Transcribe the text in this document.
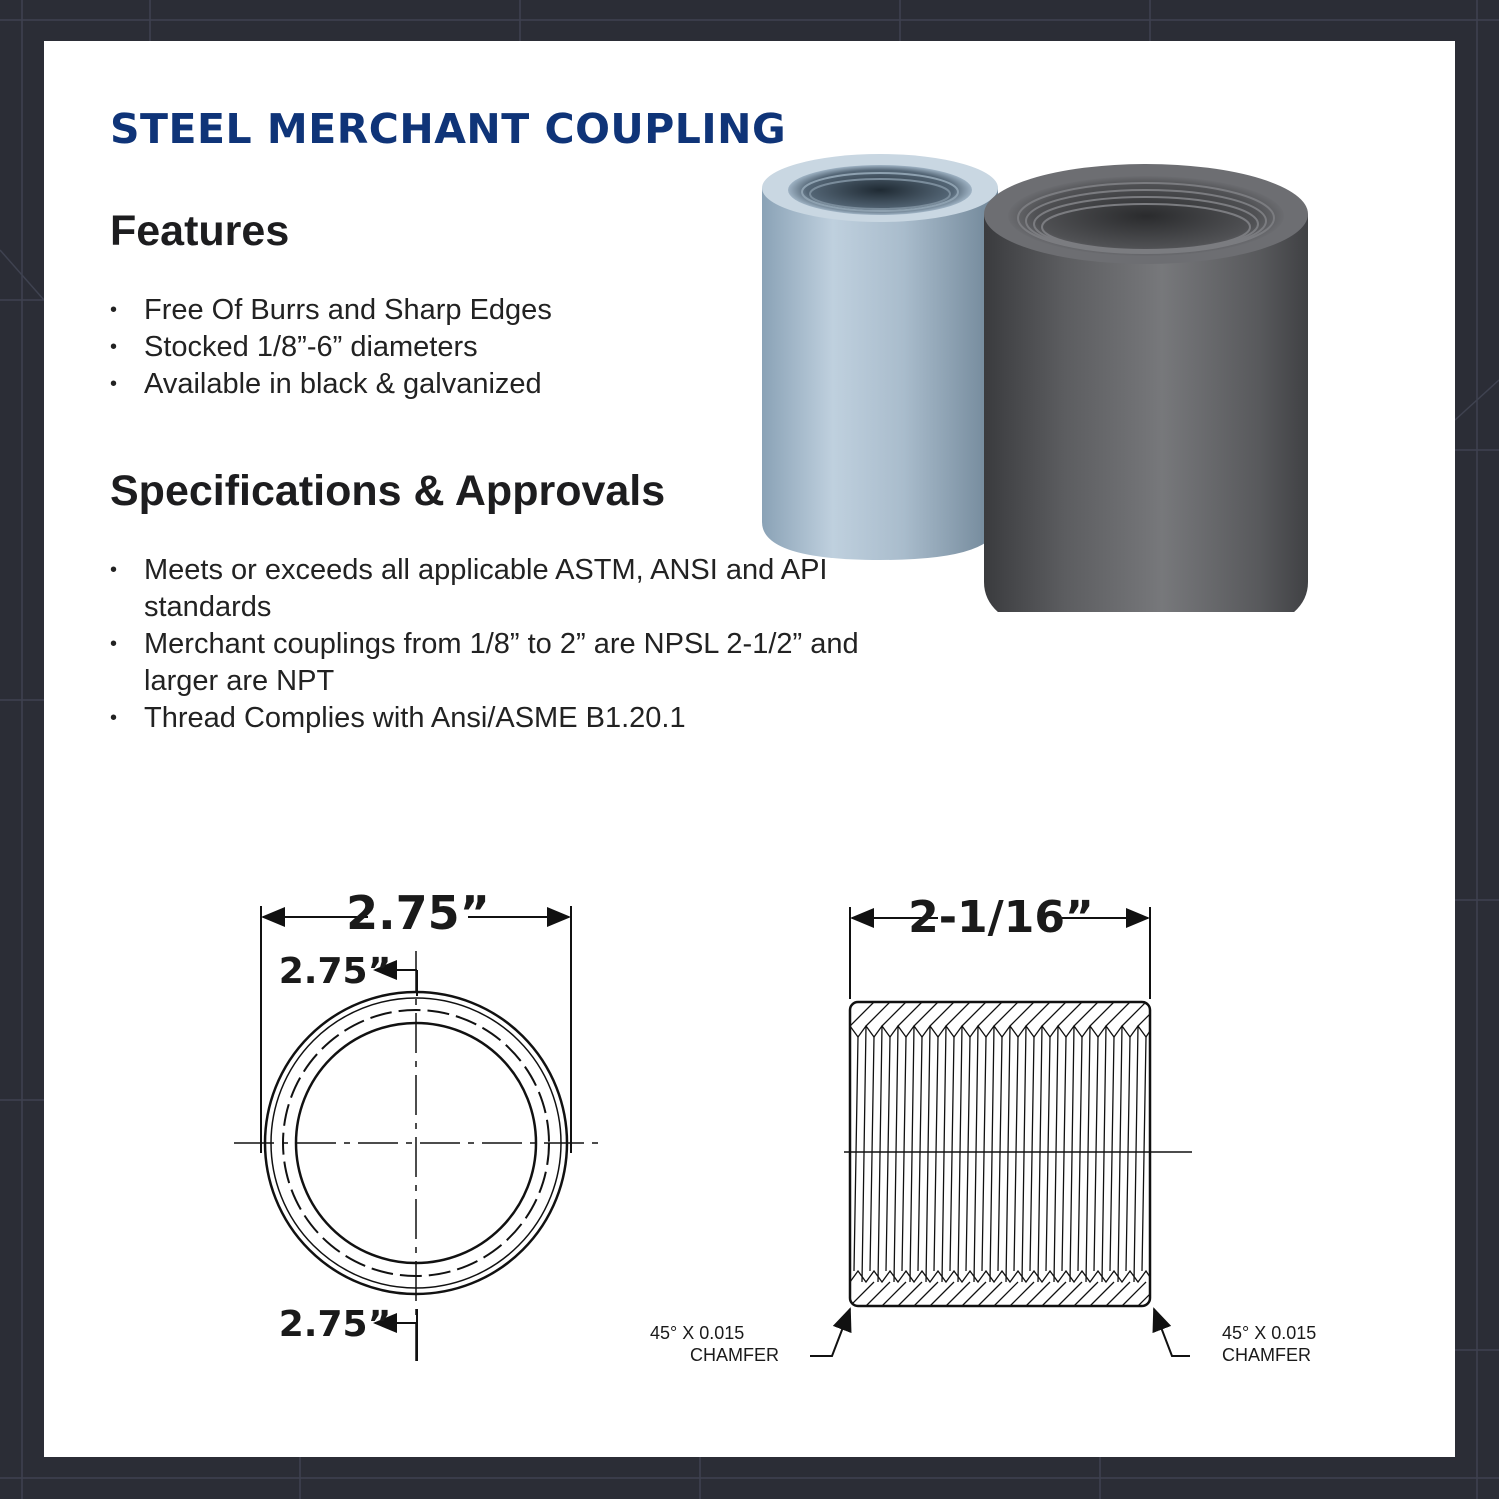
STEEL MERCHANT COUPLING
Features
• Free Of Burrs and Sharp Edges
• Stocked 1/8”-6” diameters
• Available in black & galvanized
Specifications & Approvals
• Meets or exceeds all applicable ASTM, ANSI and API standards
• Merchant couplings from 1/8” to 2” are NPSL 2-1/2” and larger are NPT
• Thread Complies with Ansi/ASME B1.20.1
2.75”
2.75”
2.75”
2-1/16”
45° X 0.015
CHAMFER
45° X 0.015
CHAMFER
